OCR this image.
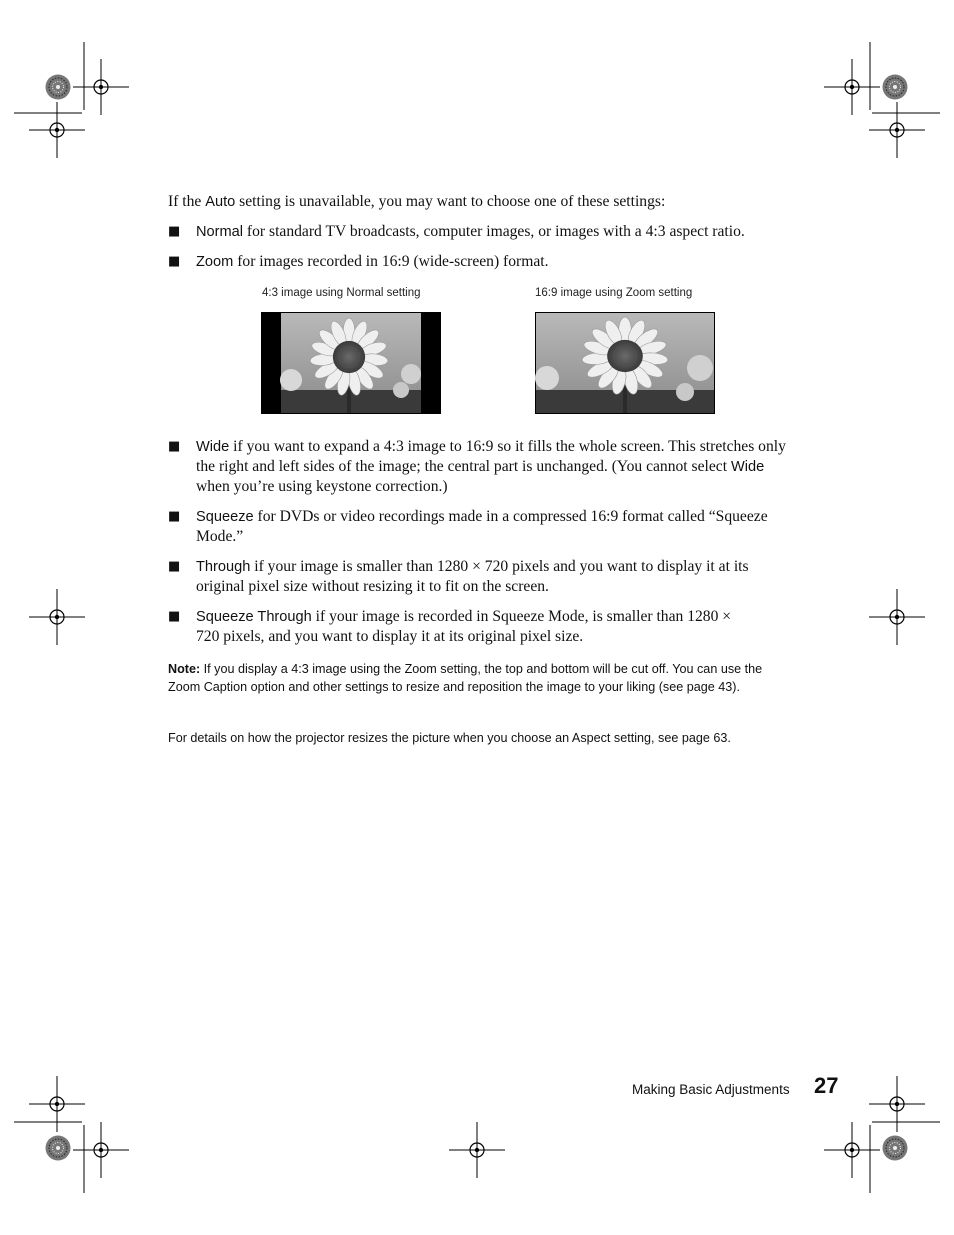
If the Auto setting is unavailable, you may want to choose one of these settings:
■ Normal for standard TV broadcasts, computer images, or images with a 4:3 aspect ratio.
■ Zoom for images recorded in 16:9 (wide-screen) format.
4:3 image using Normal setting	16:9 image using Zoom setting
■ Wide if you want to expand a 4:3 image to 16:9 so it fills the whole screen. This stretches only the right and left sides of the image; the central part is unchanged. (You cannot select Wide when you’re using keystone correction.)
■ Squeeze for DVDs or video recordings made in a compressed 16:9 format called “Squeeze Mode.”
■ Through if your image is smaller than 1280 × 720 pixels and you want to display it at its original pixel size without resizing it to fit on the screen.
■ Squeeze Through if your image is recorded in Squeeze Mode, is smaller than 1280 × 720 pixels, and you want to display it at its original pixel size.
Note: If you display a 4:3 image using the Zoom setting, the top and bottom will be cut off. You can use the Zoom Caption option and other settings to resize and reposition the image to your liking (see page 43).
For details on how the projector resizes the picture when you choose an Aspect setting, see page 63.
Making Basic Adjustments 27
